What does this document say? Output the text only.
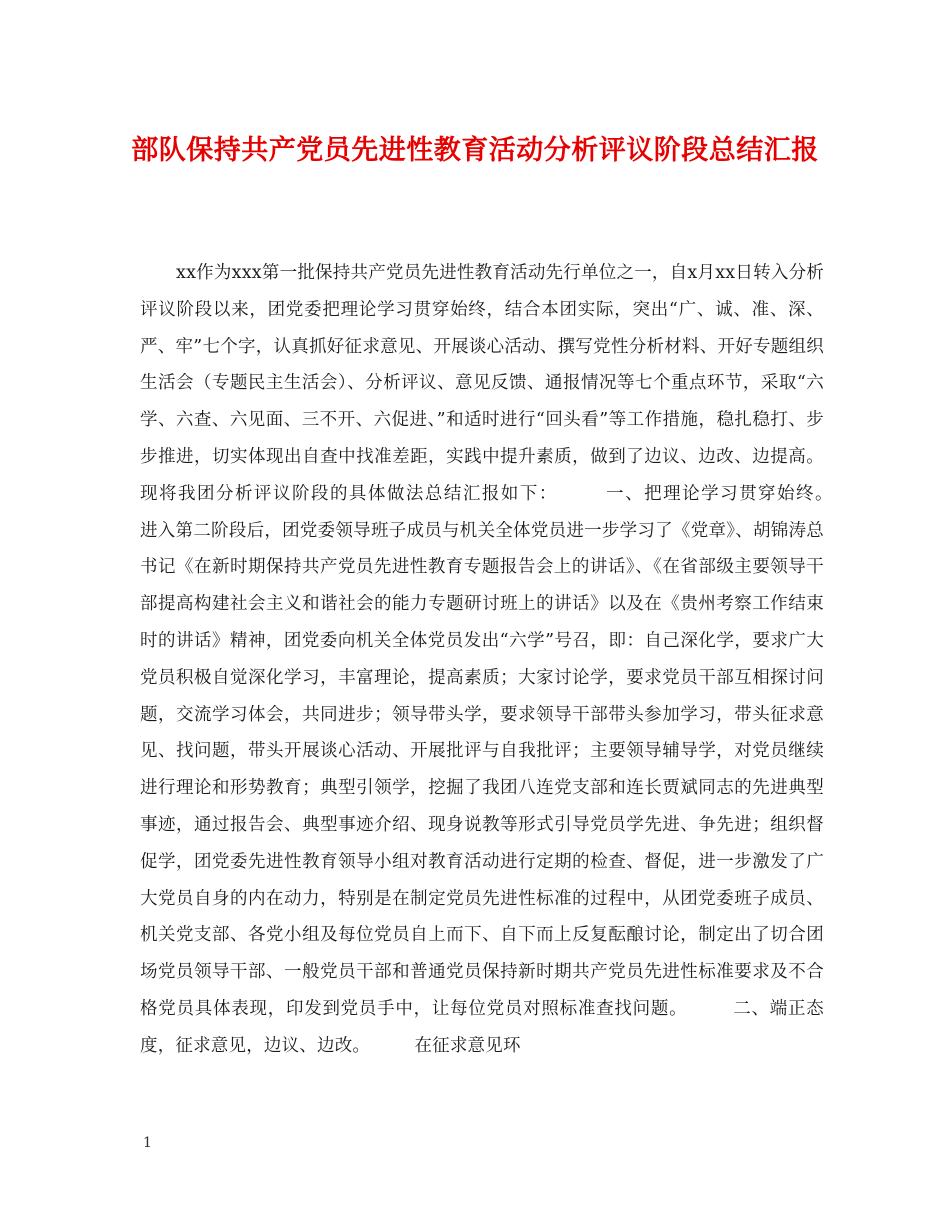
部队保持共产党员先进性教育活动分析评议阶段总结汇报
xx作为xxx第一批保持共产党员先进性教育活动先行单位之一，自x月xx日转入分析评议阶段以来，团党委把理论学习贯穿始终，结合本团实际，突出“广、诚、准、深、严、牢”七个字，认真抓好征求意见、开展谈心活动、撰写党性分析材料、开好专题组织生活会（专题民主生活会）、分析评议、意见反馈、通报情况等七个重点环节，采取“六学、六查、六见面、三不开、六促进、”和适时进行“回头看”等工作措施，稳扎稳打、步步推进，切实体现出自查中找准差距，实践中提升素质，做到了边议、边改、边提高。现将我团分析评议阶段的具体做法总结汇报如下：　　　一、把理论学习贯穿始终。　　　进入第二阶段后，团党委领导班子成员与机关全体党员进一步学习了《党章》、胡锦涛总书记《在新时期保持共产党员先进性教育专题报告会上的讲话》、《在省部级主要领导干部提高构建社会主义和谐社会的能力专题研讨班上的讲话》以及在《贵州考察工作结束时的讲话》精神，团党委向机关全体党员发出“六学”号召，即：自己深化学，要求广大党员积极自觉深化学习，丰富理论，提高素质；大家讨论学，要求党员干部互相探讨问题，交流学习体会，共同进步；领导带头学，要求领导干部带头参加学习，带头征求意见、找问题，带头开展谈心活动、开展批评与自我批评；主要领导辅导学，对党员继续进行理论和形势教育；典型引领学，挖掘了我团八连党支部和连长贾斌同志的先进典型事迹，通过报告会、典型事迹介绍、现身说教等形式引导党员学先进、争先进；组织督促学，团党委先进性教育领导小组对教育活动进行定期的检查、督促，进一步激发了广大党员自身的内在动力，特别是在制定党员先进性标准的过程中，从团党委班子成员、机关党支部、各党小组及每位党员自上而下、自下而上反复酝酿讨论，制定出了切合团场党员领导干部、一般党员干部和普通党员保持新时期共产党员先进性标准要求及不合格党员具体表现，印发到党员手中，让每位党员对照标准查找问题。　　　二、端正态度，征求意见，边议、边改。　　　在征求意见环
1
